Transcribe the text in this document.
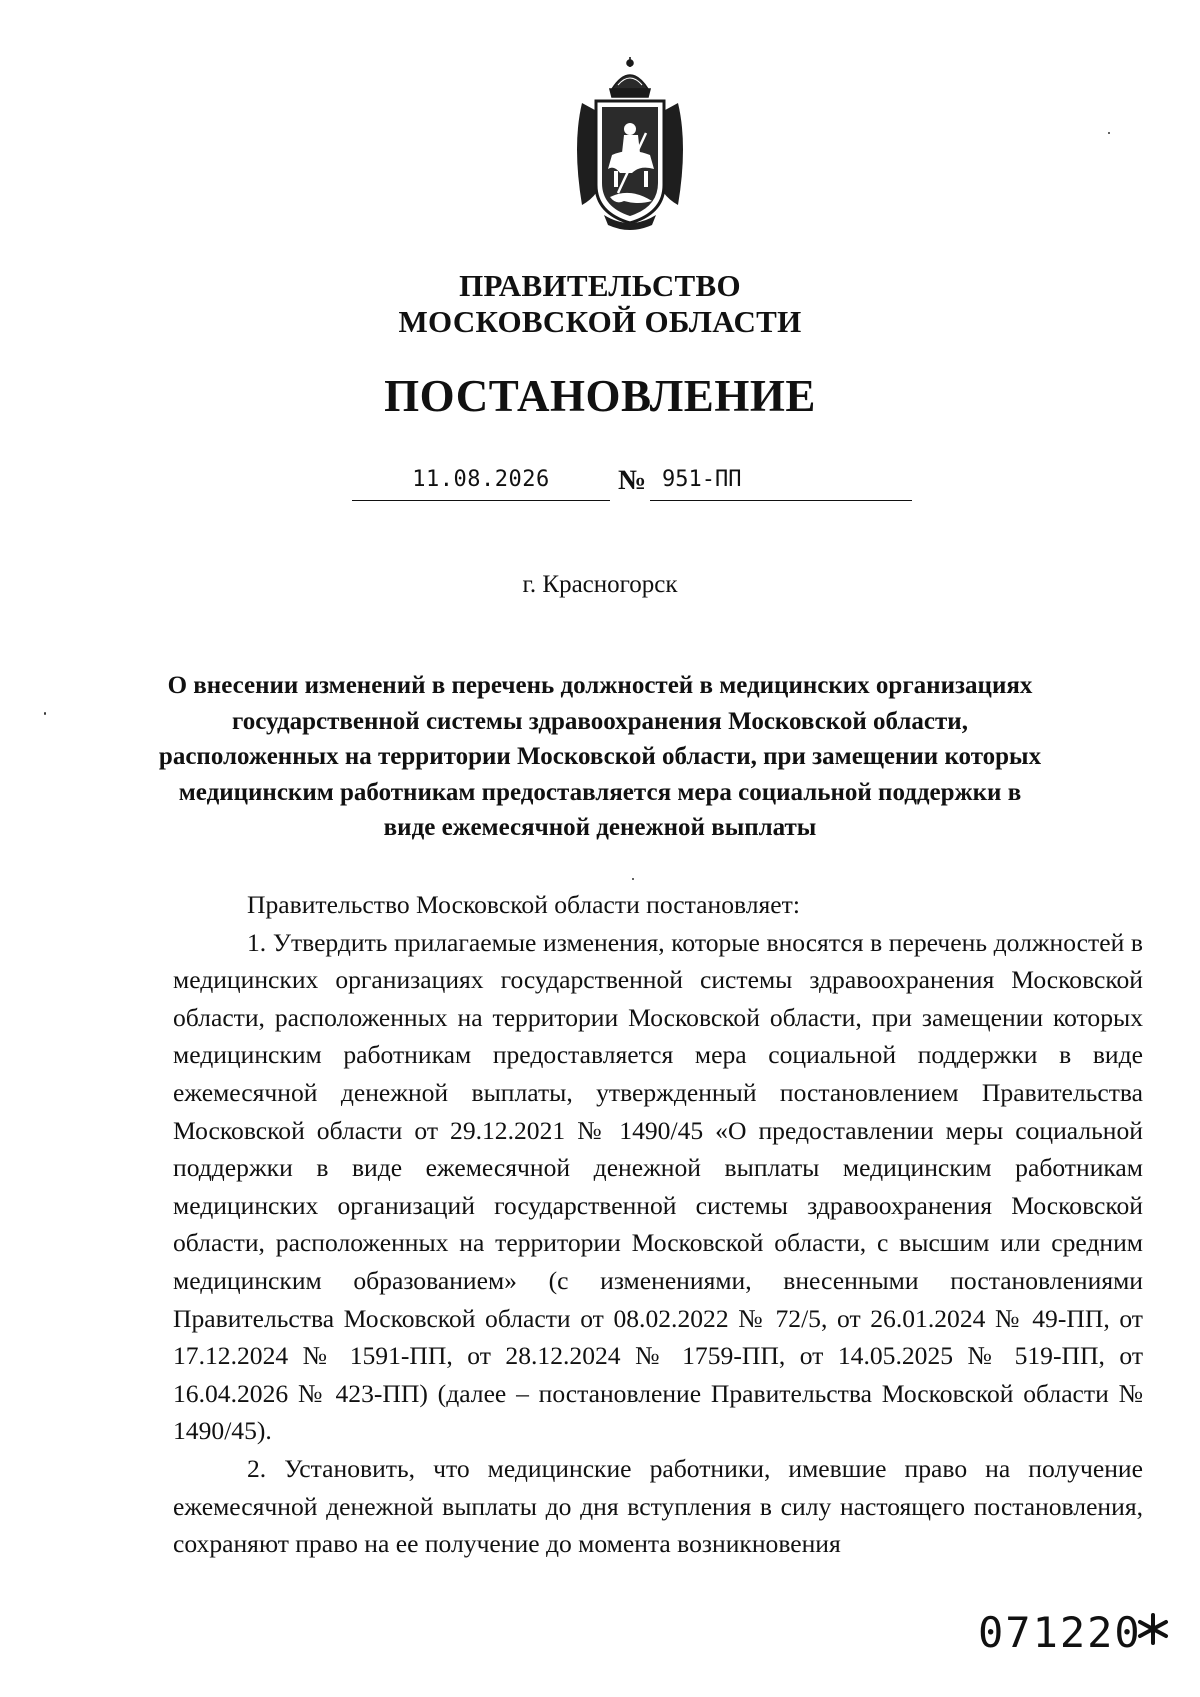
ПРАВИТЕЛЬСТВО
МОСКОВСКОЙ ОБЛАСТИ
ПОСТАНОВЛЕНИЕ
11.08.2026	№ 951-ПП
г. Красногорск
О внесении изменений в перечень должностей в медицинских организациях государственной системы здравоохранения Московской области, расположенных на территории Московской области, при замещении которых медицинским работникам предоставляется мера социальной поддержки в виде ежемесячной денежной выплаты

Правительство Московской области постановляет:

1. Утвердить прилагаемые изменения, которые вносятся в перечень должностей в медицинских организациях государственной системы здравоохранения Московской области, расположенных на территории Московской области, при замещении которых медицинским работникам предоставляется мера социальной поддержки в виде ежемесячной денежной выплаты, утвержденный постановлением Правительства Московской области от 29.12.2021 № 1490/45 «О предоставлении меры социальной поддержки в виде ежемесячной денежной выплаты медицинским работникам медицинских организаций государственной системы здравоохранения Московской области, расположенных на территории Московской области, с высшим или средним медицинским образованием» (с изменениями, внесенными постановлениями Правительства Московской области от 08.02.2022 № 72/5, от 26.01.2024 № 49-ПП, от 17.12.2024 № 1591-ПП, от 28.12.2024 № 1759-ПП, от 14.05.2025 № 519-ПП, от 16.04.2026 № 423-ПП) (далее – постановление Правительства Московской области № 1490/45).

2. Установить, что медицинские работники, имевшие право на получение ежемесячной денежной выплаты до дня вступления в силу настоящего постановления, сохраняют право на ее получение до момента возникновения

071220
